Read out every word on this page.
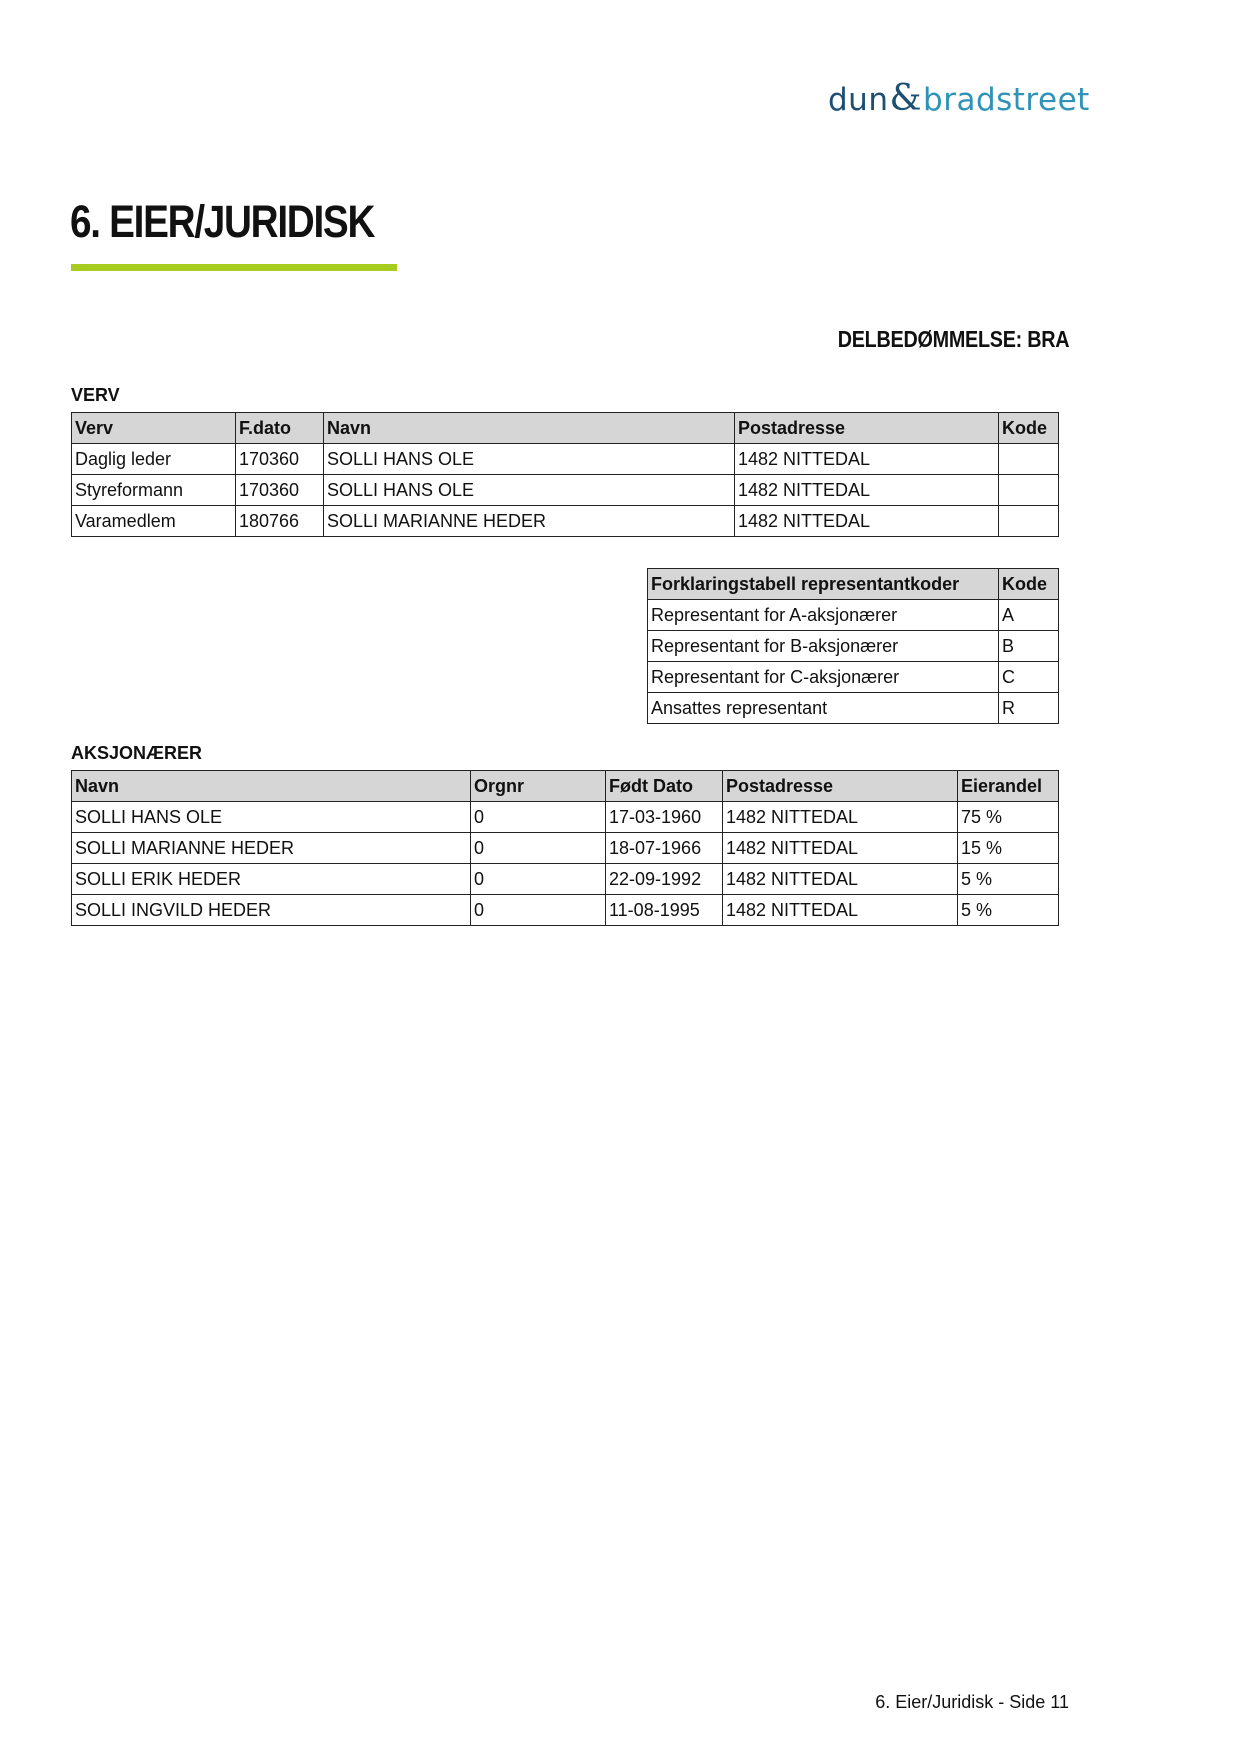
dun&bradstreet
6. EIER/JURIDISK
DELBEDØMMELSE: BRA
VERV
Verv	F.dato	Navn	Postadresse	Kode
Daglig leder	170360	SOLLI HANS OLE	1482 NITTEDAL	
Styreformann	170360	SOLLI HANS OLE	1482 NITTEDAL	
Varamedlem	180766	SOLLI MARIANNE HEDER	1482 NITTEDAL	
Forklaringstabell representantkoder	Kode
Representant for A-aksjonærer	A
Representant for B-aksjonærer	B
Representant for C-aksjonærer	C
Ansattes representant	R
AKSJONÆRER
Navn	Orgnr	Født Dato	Postadresse	Eierandel
SOLLI HANS OLE	0	17-03-1960	1482 NITTEDAL	75 %
SOLLI MARIANNE HEDER	0	18-07-1966	1482 NITTEDAL	15 %
SOLLI ERIK HEDER	0	22-09-1992	1482 NITTEDAL	5 %
SOLLI INGVILD HEDER	0	11-08-1995	1482 NITTEDAL	5 %
6. Eier/Juridisk - Side 11
